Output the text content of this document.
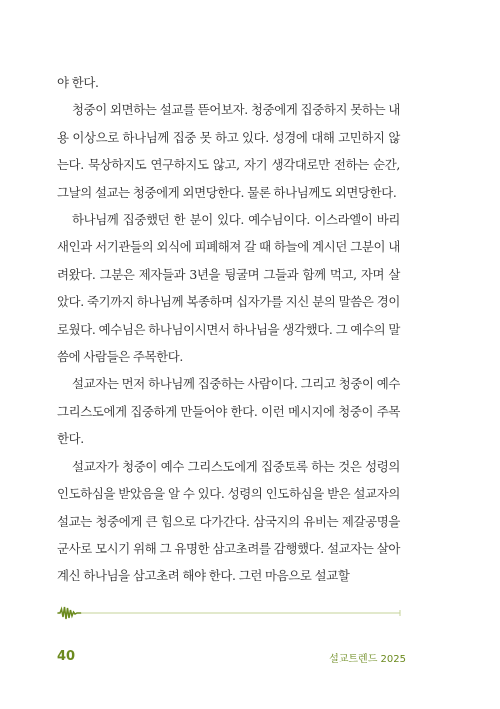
야 한다.

청중이 외면하는 설교를 뜯어보자. 청중에게 집중하지 못하는 내용 이상으로 하나님께 집중 못 하고 있다. 성경에 대해 고민하지 않는다. 묵상하지도 연구하지도 않고, 자기 생각대로만 전하는 순간, 그날의 설교는 청중에게 외면당한다. 물론 하나님께도 외면당한다.

하나님께 집중했던 한 분이 있다. 예수님이다. 이스라엘이 바리새인과 서기관들의 외식에 피폐해져 갈 때 하늘에 계시던 그분이 내려왔다. 그분은 제자들과 3년을 뒹굴며 그들과 함께 먹고, 자며 살았다. 죽기까지 하나님께 복종하며 십자가를 지신 분의 말씀은 경이로웠다. 예수님은 하나님이시면서 하나님을 생각했다. 그 예수의 말씀에 사람들은 주목한다.

설교자는 먼저 하나님께 집중하는 사람이다. 그리고 청중이 예수 그리스도에게 집중하게 만들어야 한다. 이런 메시지에 청중이 주목한다.

설교자가 청중이 예수 그리스도에게 집중토록 하는 것은 성령의 인도하심을 받았음을 알 수 있다. 성령의 인도하심을 받은 설교자의 설교는 청중에게 큰 힘으로 다가간다. 삼국지의 유비는 제갈공명을 군사로 모시기 위해 그 유명한 삼고초려를 감행했다. 설교자는 살아계신 하나님을 삼고초려 해야 한다. 그런 마음으로 설교할

40	설교트렌드 2025
